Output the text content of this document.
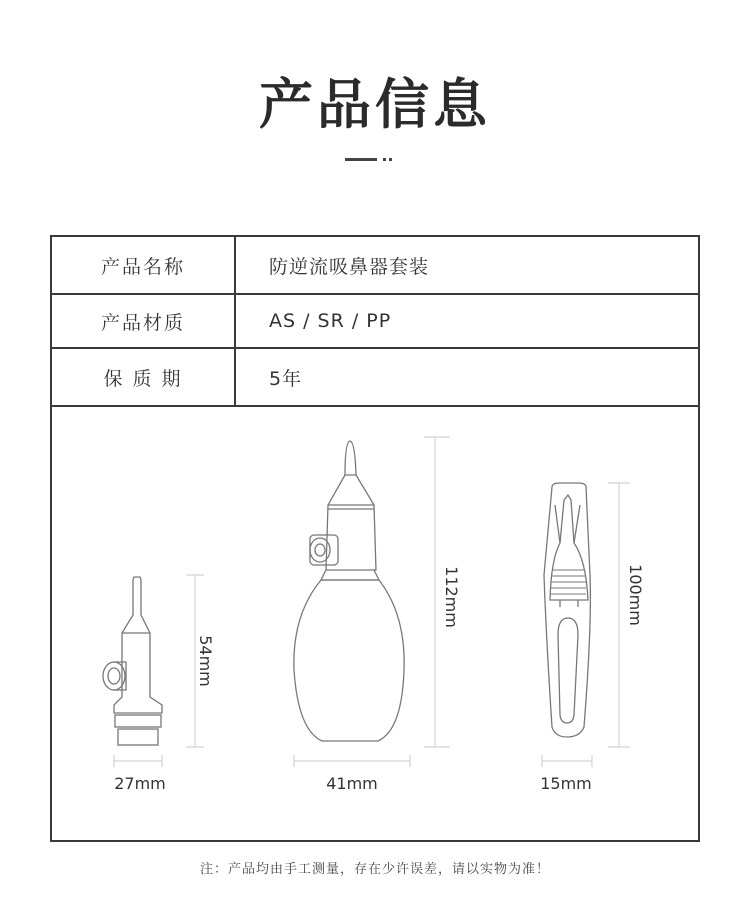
产品信息
产品名称	防逆流吸鼻器套装
产品材质	AS / SR / PP
保 质 期	5年
54mm
27mm
112mm
41mm
100mm
15mm
注：产品均由手工测量，存在少许误差，请以实物为准！
